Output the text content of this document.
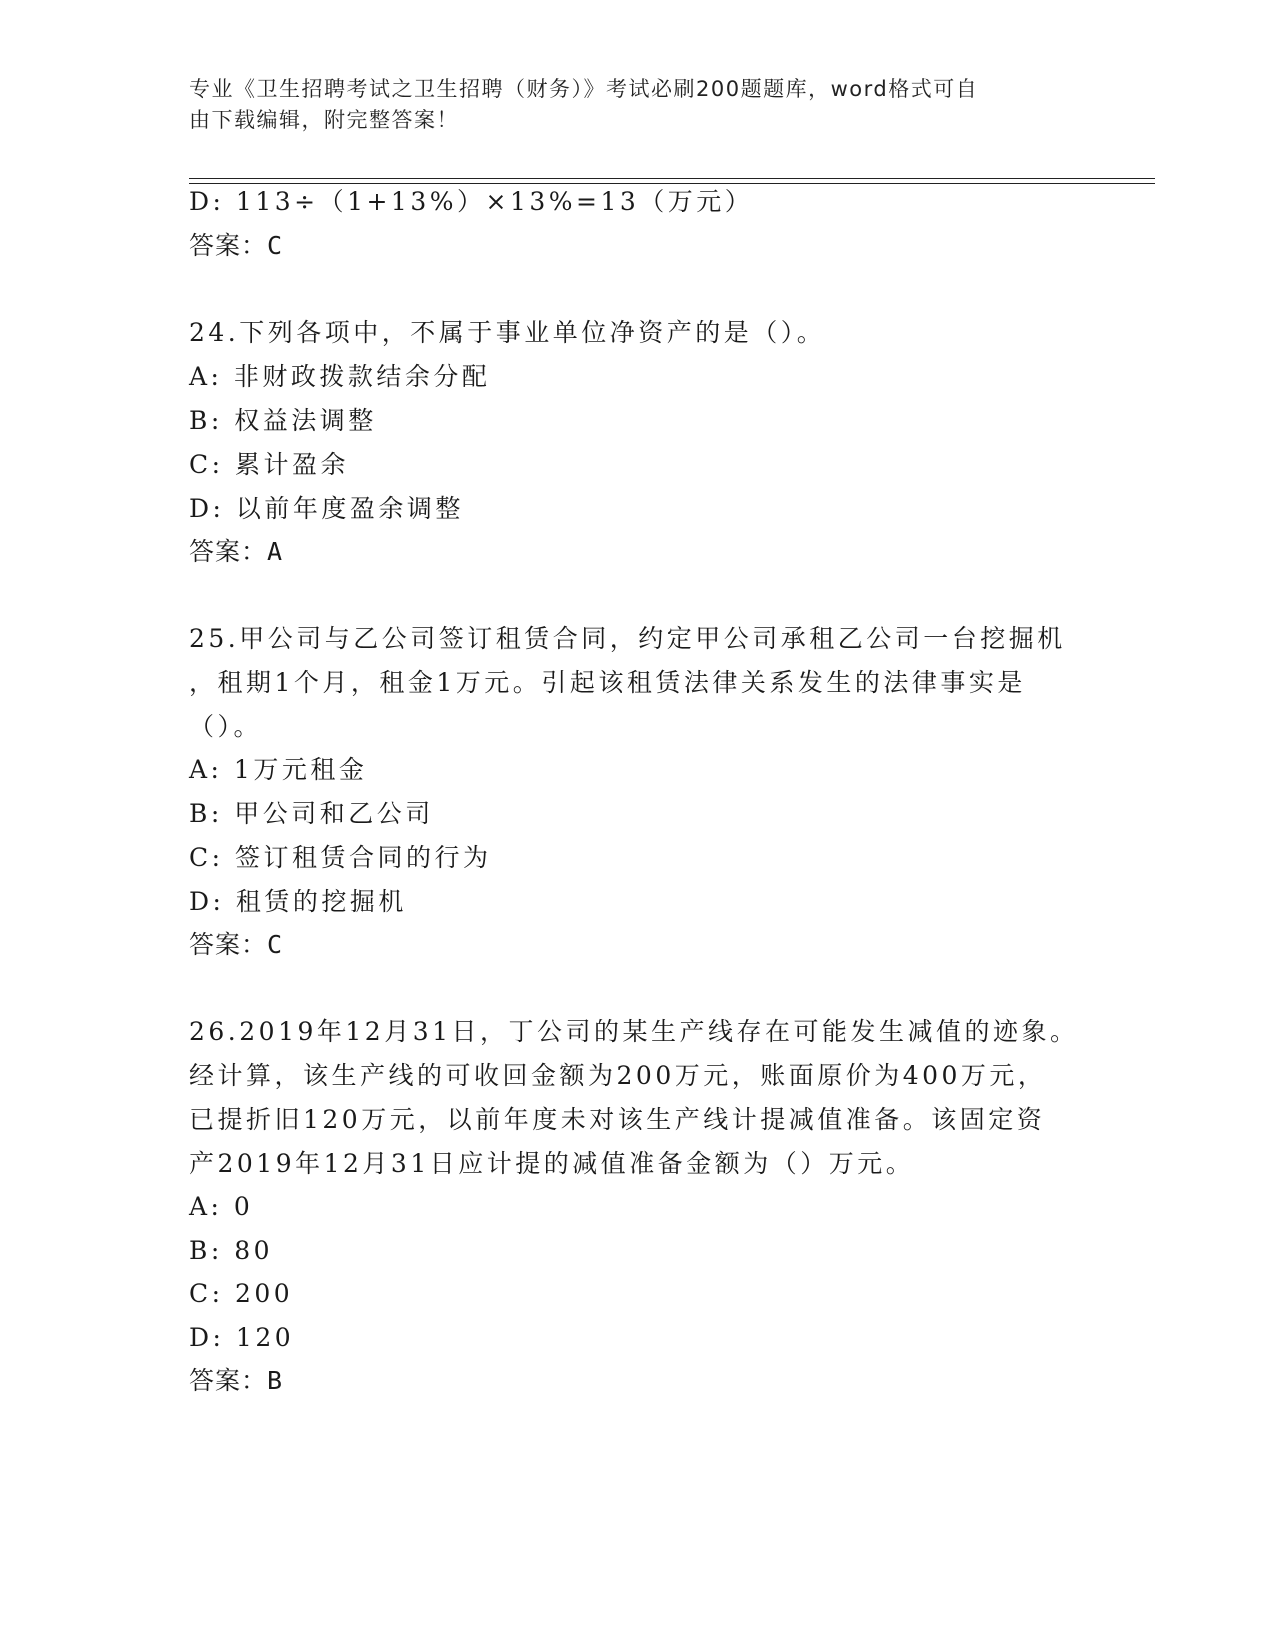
专业《卫生招聘考试之卫生招聘（财务）》考试必刷200题题库，word格式可自
由下载编辑，附完整答案！
D: 113÷（1+13%）×13%=13（万元）
答案：C
24.下列各项中，不属于事业单位净资产的是（）。
A: 非财政拨款结余分配
B: 权益法调整
C: 累计盈余
D: 以前年度盈余调整
答案：A
25.甲公司与乙公司签订租赁合同，约定甲公司承租乙公司一台挖掘机
，租期1个月，租金1万元。引起该租赁法律关系发生的法律事实是
（）。
A: 1万元租金
B: 甲公司和乙公司
C: 签订租赁合同的行为
D: 租赁的挖掘机
答案：C
26.2019年12月31日，丁公司的某生产线存在可能发生减值的迹象。
经计算，该生产线的可收回金额为200万元，账面原价为400万元，
已提折旧120万元，以前年度未对该生产线计提减值准备。该固定资
产2019年12月31日应计提的减值准备金额为（）万元。
A: 0
B: 80
C: 200
D: 120
答案：B
